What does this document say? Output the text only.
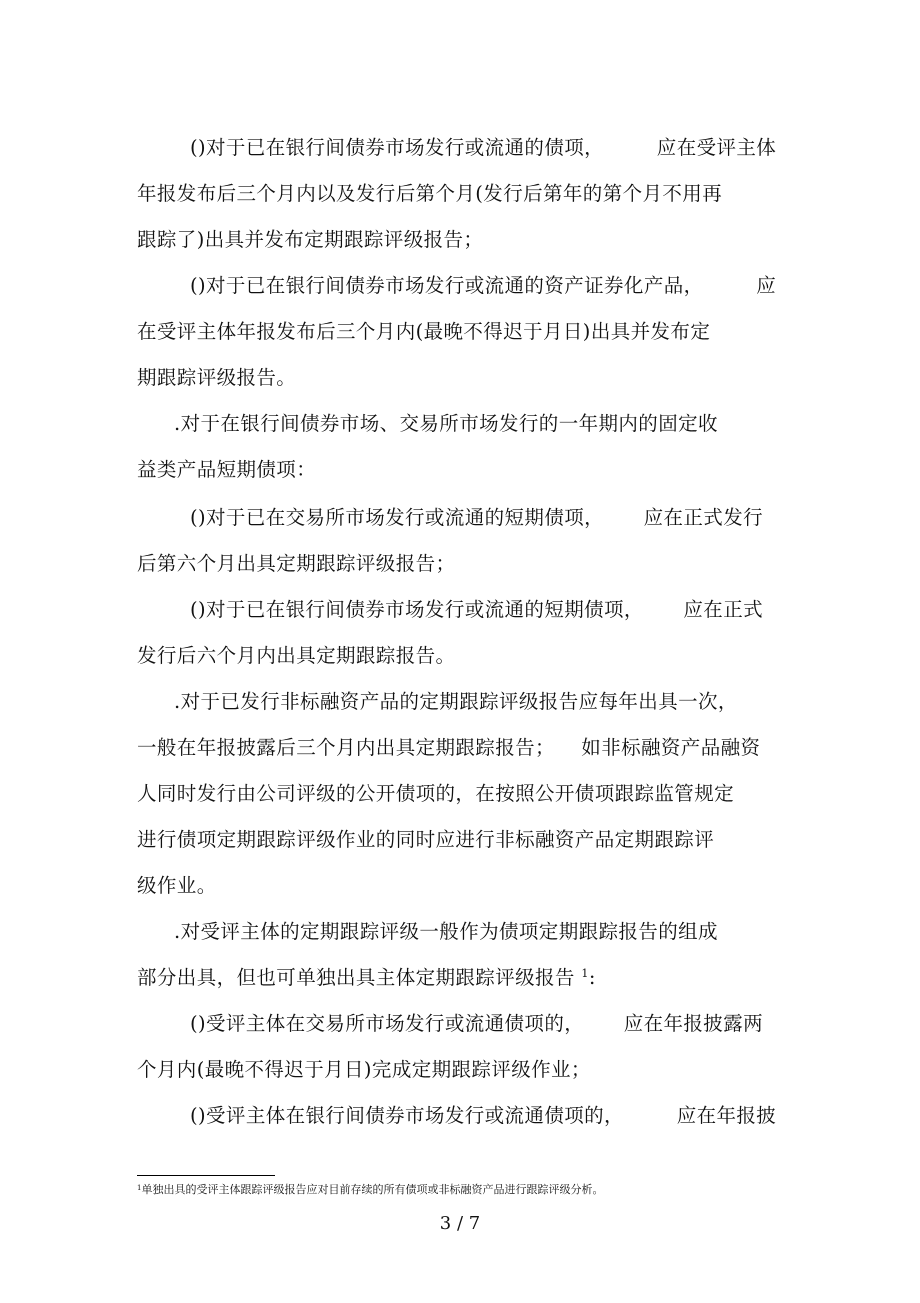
()对于已在银行间债券市场发行或流通的债项，        应在受评主体
年报发布后三个月内以及发行后第个月(发行后第年的第个月不用再
跟踪了)出具并发布定期跟踪评级报告；
()对于已在银行间债券市场发行或流通的资产证券化产品，        应
在受评主体年报发布后三个月内(最晚不得迟于月日)出具并发布定
期跟踪评级报告。
.对于在银行间债券市场、交易所市场发行的一年期内的固定收
益类产品短期债项：
()对于已在交易所市场发行或流通的短期债项，      应在正式发行
后第六个月出具定期跟踪评级报告；
()对于已在银行间债券市场发行或流通的短期债项，      应在正式
发行后六个月内出具定期跟踪报告。
.对于已发行非标融资产品的定期跟踪评级报告应每年出具一次，
一般在年报披露后三个月内出具定期跟踪报告；    如非标融资产品融资
人同时发行由公司评级的公开债项的，在按照公开债项跟踪监管规定
进行债项定期跟踪评级作业的同时应进行非标融资产品定期跟踪评
级作业。
.对受评主体的定期跟踪评级一般作为债项定期跟踪报告的组成
部分出具，但也可单独出具主体定期跟踪评级报告 $^1$:
()受评主体在交易所市场发行或流通债项的，      应在年报披露两
个月内(最晚不得迟于月日)完成定期跟踪评级作业；
()受评主体在银行间债券市场发行或流通债项的，        应在年报披
$^1$单独出具的受评主体跟踪评级报告应对目前存续的所有债项或非标融资产品进行跟踪评级分析。
3 / 7
